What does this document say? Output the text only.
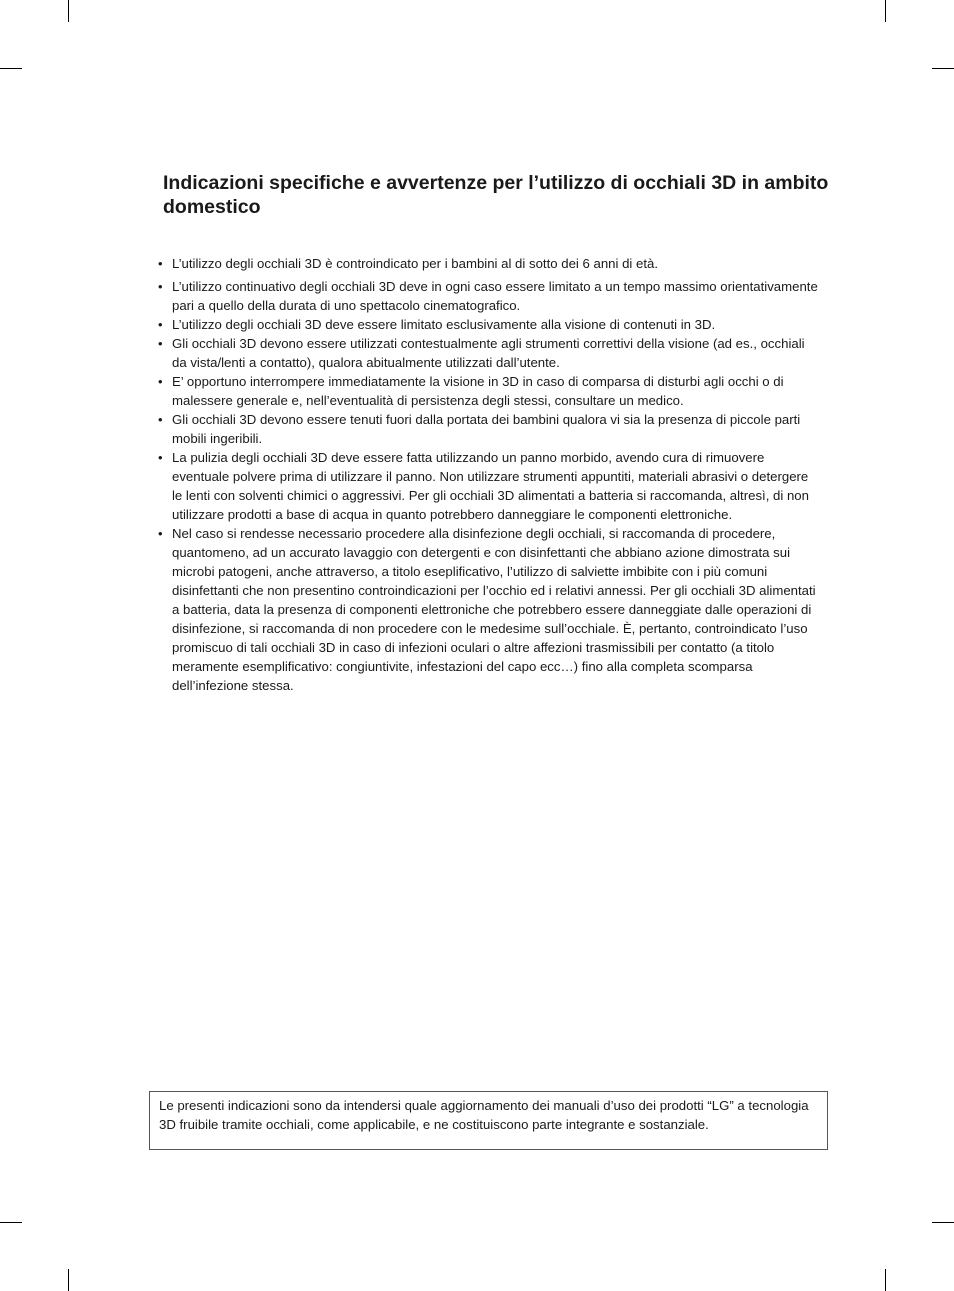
Indicazioni specifiche e avvertenze per l’utilizzo di occhiali 3D in ambito domestico
• L’utilizzo degli occhiali 3D è controindicato per i bambini al di sotto dei 6 anni di età.
• L’utilizzo continuativo degli occhiali 3D deve in ogni caso essere limitato a un tempo massimo orientativamente pari a quello della durata di uno spettacolo cinematografico.
• L’utilizzo degli occhiali 3D deve essere limitato esclusivamente alla visione di contenuti in 3D.
• Gli occhiali 3D devono essere utilizzati contestualmente agli strumenti correttivi della visione (ad es., occhiali da vista/lenti a contatto), qualora abitualmente utilizzati dall’utente.
• E’ opportuno interrompere immediatamente la visione in 3D in caso di comparsa di disturbi agli occhi o di malessere generale e, nell’eventualità di persistenza degli stessi, consultare un medico.
• Gli occhiali 3D devono essere tenuti fuori dalla portata dei bambini qualora vi sia la presenza di piccole parti mobili ingeribili.
• La pulizia degli occhiali 3D deve essere fatta utilizzando un panno morbido, avendo cura di rimuovere eventuale polvere prima di utilizzare il panno. Non utilizzare strumenti appuntiti, materiali abrasivi o detergere le lenti con solventi chimici o aggressivi. Per gli occhiali 3D alimentati a batteria si raccomanda, altresì, di non utilizzare prodotti a base di acqua in quanto potrebbero danneggiare le componenti elettroniche.
• Nel caso si rendesse necessario procedere alla disinfezione degli occhiali, si raccomanda di procedere, quantomeno, ad un accurato lavaggio con detergenti e con disinfettanti che abbiano azione dimostrata sui microbi patogeni, anche attraverso, a titolo eseplificativo, l’utilizzo di salviette imbibite con i più comuni disinfettanti che non presentino controindicazioni per l’occhio ed i relativi annessi. Per gli occhiali 3D alimentati a batteria, data la presenza di componenti elettroniche che potrebbero essere danneggiate dalle operazioni di disinfezione, si raccomanda di non procedere con le medesime sull’occhiale. È, pertanto, controindicato l’uso promiscuo di tali occhiali 3D in caso di infezioni oculari o altre affezioni trasmissibili per contatto (a titolo meramente esemplificativo: congiuntivite, infestazioni del capo ecc…) fino alla completa scomparsa dell’infezione stessa.
Le presenti indicazioni sono da intendersi quale aggiornamento dei manuali d’uso dei prodotti “LG” a tecnologia 3D fruibile tramite occhiali, come applicabile, e ne costituiscono parte integrante e sostanziale.
